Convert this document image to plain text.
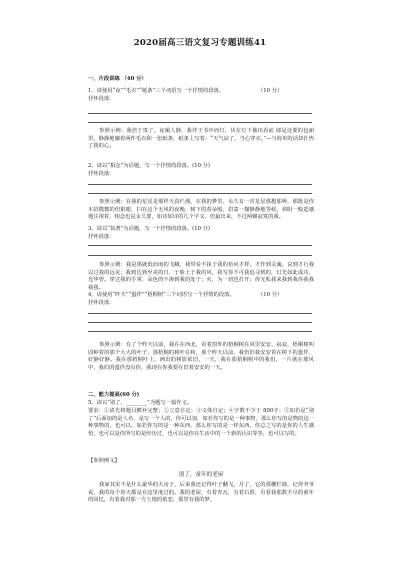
2020届高三语文复习专题训练41
一、片段训练 （40 分）
1、请使用“夜”“毛衣”“纸条”三个词语写一个抒情的段落。	（10 分）
抒怀段落：
参照示例：我倍于贵了。夜阑人静，我伴于书中而灯，伏在灯下抽出看前 郎是这要的包丽里，静静地躺着两件毛衣和一张纸条，纸条上写着：“天气凉了，当心穿衣。”—与简单的话却扑热了我的心。
2、请以“相念”为话题，写一个抒情的段落。(10 分)
抒怀段落：
参照示例：在我的星星是那样天真烂漫，在我的梦里，永久有一对星星那想那种，那既是你木招微微的但银眼，扫在这个无风的夜晚，树下的春朵般，眉蒿一抛静静地等候，斜阳一般造感地注视着，相念也是永久要，如诗如诗的几个字义，但最出来，不过两颗寂寞的我。
3、请以“执著”为话题，写一个抒情的段落。(10 分)
抒怀段落：
参照示例：我是那就低而而的飞蛾，我带看不执于我的鱼问才样。才作到灵魂，哀到才行我以过我的远见；我到达到至美的日，于脸上于我的风，我写你不可我追寻到的，灯光如此成功，光华曾。穿过我的手掌，朵色的不渗到我的处于；火，为一切也打开；你无私我来我到我你我我我我。
4、请使用“昨天”“蛩伴”“梧桐树”三个词语写一个抒情的段落。	（10 分）
抒怀段落：
参照示例：有了个昨天以前，我在在西北，看着窗外的梧桐树在风里安安、寂寂，梧桐树叫园种着的那个大大的叶子，那梧桐的树叶在和，那个昨天以前，我仍旧我安安着在树下的蛩伴，好静好静。我在那梧桐叶上，画出的树影依旧，一天，我在那梧桐树中的我们，一片就在那风中，我们的蛩伴没有你，我现在你我要在旧着安安的一天。
二、能力提高(60 分)
5、请以“别了，________”为题写一篇作文。
要求： ①请先将题目横补完整；②立意自定；③文体自定；④字数不少于 800字；⑤如若是“别了”后面加的是人名，是写一个人的，你可以加，如若你写的是一种事物，那么你写的是物的这一种事物的，也可以，如若你写的是一种东西，那么你写的是一样东西。你总之写的是你的人生感悟，也可以是你所写的是经历过，也可以是你在生活中的一个新的认识等等，也可以写的。
【参照例文】
别了，童年的老屋
我家其实不是什么豪华的大房子，后来我还记得叶子翻飞，月了，它的那栅栏墙，记得爷爷说，我的每个春天都是在这里度过的。我的老屋，有着青瓦，有着石阶，有着我那数不尽的童年的回忆，有着我对那一方土地的依恋，那里有我的梦。
